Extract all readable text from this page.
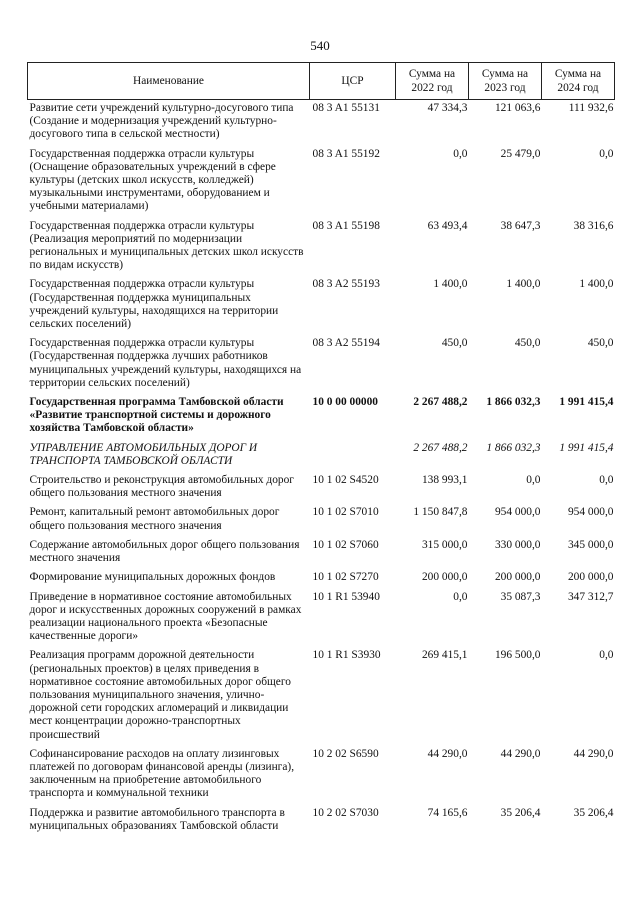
540
Наименование	ЦСР	Сумма на 2022 год	Сумма на 2023 год	Сумма на 2024 год
Развитие сети учреждений культурно-досугового типа (Создание и модернизация учреждений культурно-досугового типа в сельской местности)	08 3 A1 55131	47 334,3	121 063,6	111 932,6
Государственная поддержка отрасли культуры (Оснащение образовательных учреждений в сфере культуры (детских школ искусств, колледжей) музыкальными инструментами, оборудованием и учебными материалами)	08 3 A1 55192	0,0	25 479,0	0,0
Государственная поддержка отрасли культуры (Реализация мероприятий по модернизации региональных и муниципальных детских школ искусств по видам искусств)	08 3 A1 55198	63 493,4	38 647,3	38 316,6
Государственная поддержка отрасли культуры (Государственная поддержка муниципальных учреждений культуры, находящихся на территории сельских поселений)	08 3 A2 55193	1 400,0	1 400,0	1 400,0
Государственная поддержка отрасли культуры (Государственная поддержка лучших работников муниципальных учреждений культуры, находящихся на территории сельских поселений)	08 3 A2 55194	450,0	450,0	450,0
Государственная программа Тамбовской области «Развитие транспортной системы и дорожного хозяйства Тамбовской области»	10 0 00 00000	2 267 488,2	1 866 032,3	1 991 415,4
УПРАВЛЕНИЕ АВТОМОБИЛЬНЫХ ДОРОГ И ТРАНСПОРТА ТАМБОВСКОЙ ОБЛАСТИ		2 267 488,2	1 866 032,3	1 991 415,4
Строительство и реконструкция автомобильных дорог общего пользования местного значения	10 1 02 S4520	138 993,1	0,0	0,0
Ремонт, капитальный ремонт автомобильных дорог общего пользования местного значения	10 1 02 S7010	1 150 847,8	954 000,0	954 000,0
Содержание автомобильных дорог общего пользования местного значения	10 1 02 S7060	315 000,0	330 000,0	345 000,0
Формирование муниципальных дорожных фондов	10 1 02 S7270	200 000,0	200 000,0	200 000,0
Приведение в нормативное состояние автомобильных дорог и искусственных дорожных сооружений в рамках реализации национального проекта «Безопасные качественные дороги»	10 1 R1 53940	0,0	35 087,3	347 312,7
Реализация программ дорожной деятельности (региональных проектов) в целях приведения в нормативное состояние автомобильных дорог общего пользования муниципального значения, улично-дорожной сети городских агломераций и ликвидации мест концентрации дорожно-транспортных происшествий	10 1 R1 S3930	269 415,1	196 500,0	0,0
Софинансирование расходов на оплату лизинговых платежей по договорам финансовой аренды (лизинга), заключенным на приобретение автомобильного транспорта и коммунальной техники	10 2 02 S6590	44 290,0	44 290,0	44 290,0
Поддержка и развитие автомобильного транспорта в муниципальных образованиях Тамбовской области	10 2 02 S7030	74 165,6	35 206,4	35 206,4
